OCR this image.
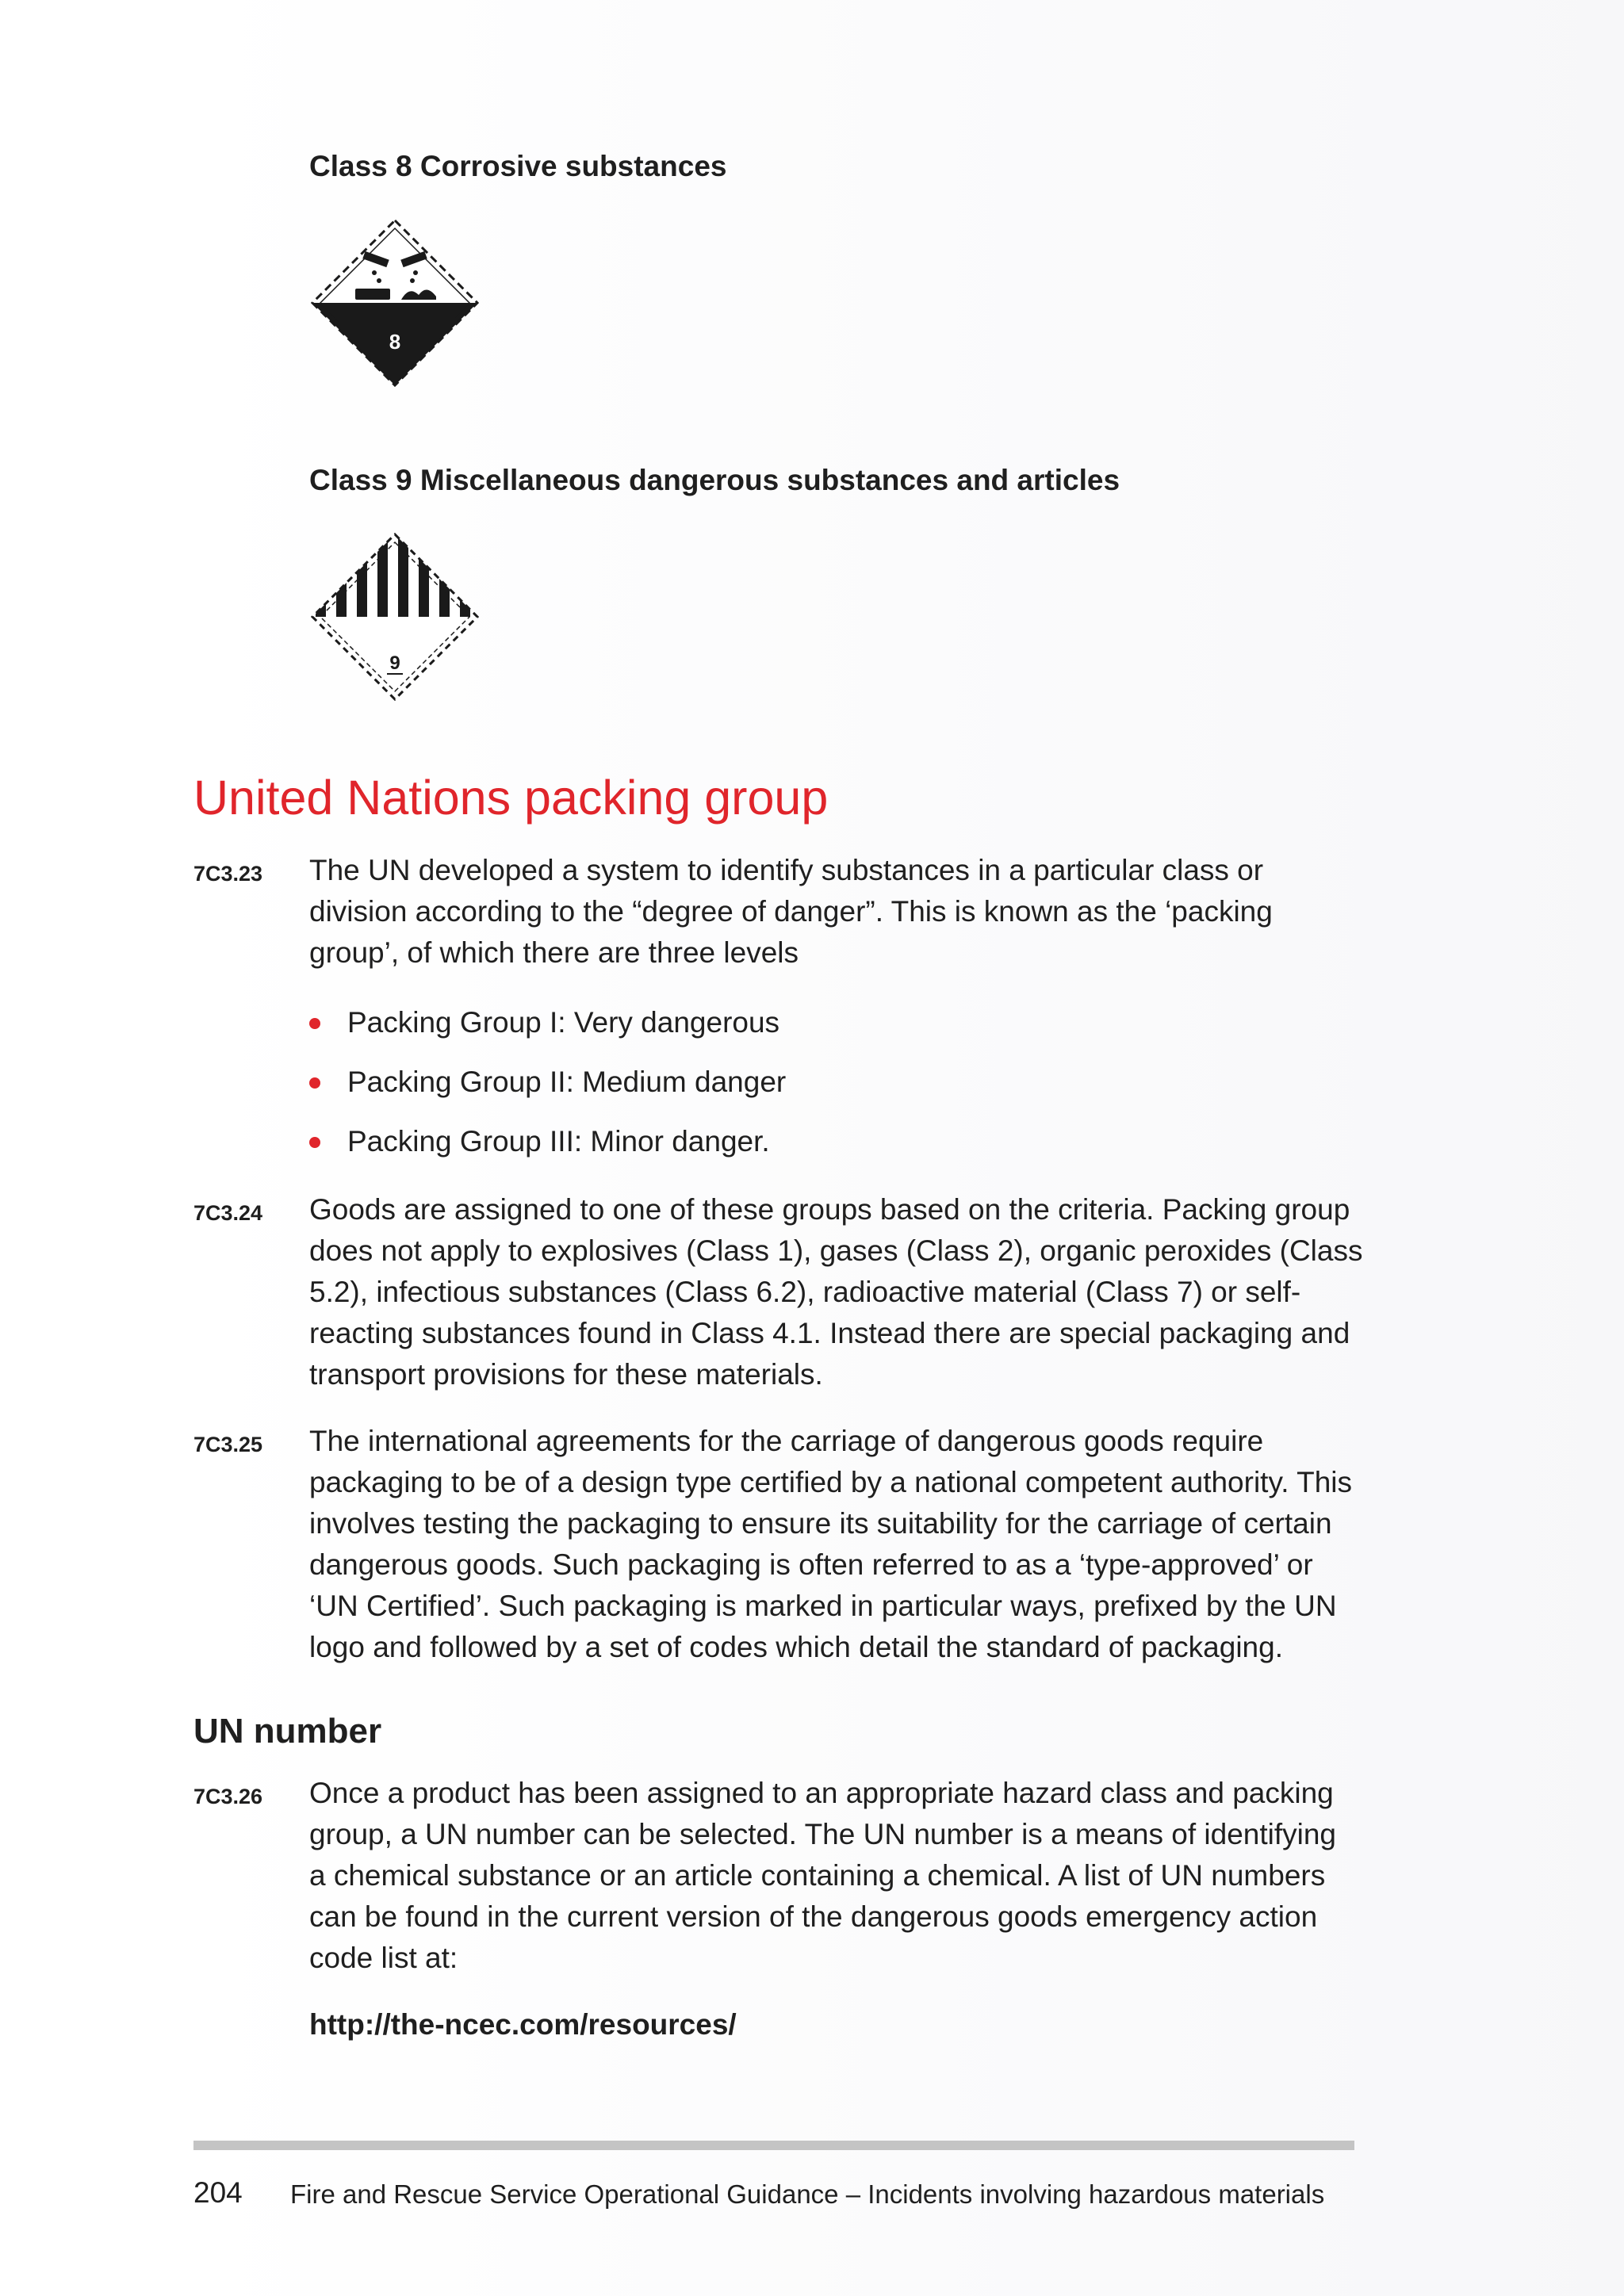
Class 8 Corrosive substances
8
Class 9 Miscellaneous dangerous substances and articles
9
United Nations packing group
7C3.23 The UN developed a system to identify substances in a particular class or
division according to the “degree of danger”. This is known as the ‘packing
group’, of which there are three levels
Packing Group I: Very dangerous
Packing Group II: Medium danger
Packing Group III: Minor danger.
7C3.24 Goods are assigned to one of these groups based on the criteria. Packing group
does not apply to explosives (Class 1), gases (Class 2), organic peroxides (Class
5.2), infectious substances (Class 6.2), radioactive material (Class 7) or self-
reacting substances found in Class 4.1. Instead there are special packaging and
transport provisions for these materials.
7C3.25 The international agreements for the carriage of dangerous goods require
packaging to be of a design type certified by a national competent authority. This
involves testing the packaging to ensure its suitability for the carriage of certain
dangerous goods. Such packaging is often referred to as a ‘type-approved’ or
‘UN Certified’. Such packaging is marked in particular ways, prefixed by the UN
logo and followed by a set of codes which detail the standard of packaging.
UN number
7C3.26 Once a product has been assigned to an appropriate hazard class and packing
group, a UN number can be selected. The UN number is a means of identifying
a chemical substance or an article containing a chemical. A list of UN numbers
can be found in the current version of the dangerous goods emergency action
code list at:
http://the-ncec.com/resources/
204 Fire and Rescue Service Operational Guidance – Incidents involving hazardous materials
